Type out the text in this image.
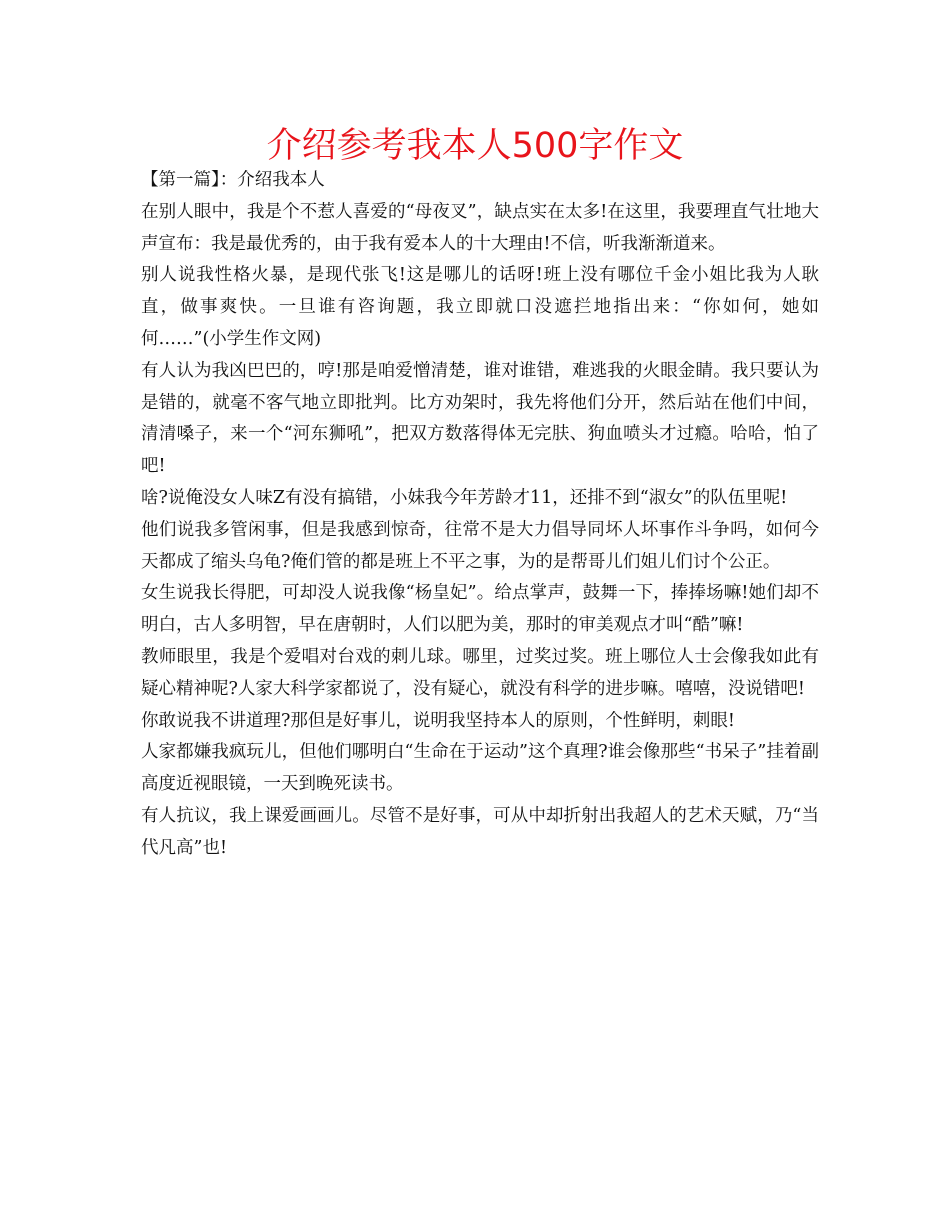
介绍参考我本人500字作文

【第一篇】：介绍我本人

在别人眼中，我是个不惹人喜爱的“母夜叉”，缺点实在太多!在这里，我要理直气壮地大声宣布：我是最优秀的，由于我有爱本人的十大理由!不信，听我渐渐道来。

别人说我性格火暴，是现代张飞!这是哪儿的话呀!班上没有哪位千金小姐比我为人耿直，做事爽快。一旦谁有咨询题，我立即就口没遮拦地指出来：“你如何，她如何……”(小学生作文网)

有人认为我凶巴巴的，哼!那是咱爱憎清楚，谁对谁错，难逃我的火眼金睛。我只要认为是错的，就毫不客气地立即批判。比方劝架时，我先将他们分开，然后站在他们中间，清清嗓子，来一个“河东狮吼”，把双方数落得体无完肤、狗血喷头才过瘾。哈哈，怕了吧!

啥?说俺没女人味Z有没有搞错，小妹我今年芳龄才11，还排不到“淑女”的队伍里呢!

他们说我多管闲事，但是我感到惊奇，往常不是大力倡导同坏人坏事作斗争吗，如何今天都成了缩头乌龟?俺们管的都是班上不平之事，为的是帮哥儿们姐儿们讨个公正。

女生说我长得肥，可却没人说我像“杨皇妃”。给点掌声，鼓舞一下，捧捧场嘛!她们却不明白，古人多明智，早在唐朝时，人们以肥为美，那时的审美观点才叫“酷”嘛!

教师眼里，我是个爱唱对台戏的刺儿球。哪里，过奖过奖。班上哪位人士会像我如此有疑心精神呢?人家大科学家都说了，没有疑心，就没有科学的进步嘛。嘻嘻，没说错吧!

你敢说我不讲道理?那但是好事儿，说明我坚持本人的原则，个性鲜明，刺眼!

人家都嫌我疯玩儿，但他们哪明白“生命在于运动”这个真理?谁会像那些“书呆子”挂着副高度近视眼镜，一天到晚死读书。

有人抗议，我上课爱画画儿。尽管不是好事，可从中却折射出我超人的艺术天赋，乃“当代凡高”也!
